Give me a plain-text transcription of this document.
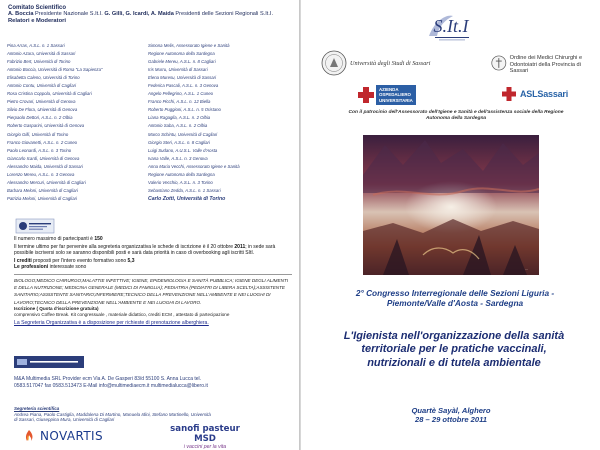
Comitato Scientifico
A. Boccia Presidente Nazionale S.It.I. G. Gilli, G. Icardi, A. Maida Presidenti delle Sezioni Regionali S.It.I.
Relatori e Moderatori
Pina Arras, A.S.L. n. 1 Sassari
Antonio Azara, Università di Sassari
Fabrizio Bert, Università di Torino
Antonio Boccia, Università di Roma "La Sapienza"
Elisabetta Caleno, Università di Torino
Antonio Contu, Università di Cagliari
Rosa Cristina Coppola, Università di Cagliari
Pietro Crovari, Università di Genova
Silvio De Flora, Università di Genova
Pierpaolo Dettori, A.S.L. n. 2 Olbia
Roberto Gasparini, Università di Genova
Giorgio Gilli, Università di Torino
Franco Giovanetti, A.S.L. n. 2 Cuneo
Paolo Leonardi, A.S.L. n. 3 Torino
Giancarlo Icardi, Università di Genova
Alessandro Maida, Università di Sassari
Lorenzo Mereu, A.S.L. n. 3 Genova
Alessandro Mercuri, Università di Cagliari
Barbara Meloni, Università di Cagliari
Patrizia Meloni, Università di Cagliari
Simona Melis, Assessorato Igiene e Sanità
Regione Autonoma della Sardegna
Gabriele Mereu, A.S.L. n. 8 Cagliari
Iris Murru, Università di Sassari
Elena Muresu, Università di Sassari
Federica Pascali, A.S.L. n. 3 Genova
Angelo Pellegrino, A.S.L. 1 Cuneo
Franco Picchi, A.S.L. n. 12 Biella
Roberto Puggioni, A.S.L. n. 5 Oristano
Liana Ragaglia, A.S.L. n. 2 Olbia
Antonio Saba, A.S.L. n. 2 Olbia
Marco Schintu, Università di Cagliari
Giorgio Steri, A.S.L. n. 8 Cagliari
Luigi Sudano, A.U.S.L. Valle d'Aosta
Ivana Valle, A.S.L. n. 3 Genova
Anna Maria Vecchi, Assessorato Igiene e Sanità
Regione Autonoma della Sardegna
Valerio Vecchio, A.S.L. n. 3 Torino
Sebastiano Zedda, A.S.L. n. 1 Sassari
Carlo Zotti, Università di Torino
Il numero massimo di partecipanti è 150
Il termine ultimo per far pervenire alla segreteria organizzativa le schede di iscrizione è il 20 ottobre 2011; in sede sarà possibile iscriversi solo se saranno disponibili posti e sarà data priorità in caso di overbooking agli iscritti SItI.
I crediti proposti per l'intero evento formativo sono 5,3
Le professioni interessate sono
BIOLOGO;MEDICO CHIRURGO;MALATTIE INFETTIVE; IGIENE, EPIDEMIOLOGIA E SANITÀ PUBBLICA; IGIENE DEGLI ALIMENTI E DELLA NUTRIZIONE; MEDICINA GENERALE (MEDICI DI FAMIGLIA); PEDIATRIA (PEDIATRI DI LIBERA SCELTA);ASSISTENTE SANITARIO;ASSISTENTE SANITARIO;INFERMIERE;TECNICO DELLA PREVENZIONE NELL'AMBIENTE E NEI LUOGHI DI LAVORO;TECNICO DELLA PREVENZIONE NELL'AMBIENTE E NEI LUOGHI DI LAVORO.
Iscrizione ( Quota d'iscrizione gratuita)
comprensivo Coffee Break. Kit congressuale , materiale didattico, crediti ECM , attestato di partecipazione
La Segreteria Organizzativa è a disposizione per richieste di prenotazione alberghiera.
M&A Multimedia SRL Provider ecm Via A. De Gasperi 83/d 55100 S. Anna Lucca tel.
0583.517047 fax 0583.513473 E-Mail info@multimediaecm.it multimedialucca@libero.it
Segreteria scientifica
Andrea Piana, Paolo Castiglia, Maddalena Di Martino, Manuela Idini, Stefano Martinello, Università di Sassari, Giuseppina Mura, Università di Cagliari
NOVARTIS	sanofi pasteur MSD
i vaccini per la vita
S.It.I
Università degli Studi di Sassari
Ordine dei Medici Chirurghi e
Odontoiatri della Provincia di Sassari
AZIENDA
OSPEDALIERO
UNIVERSITARIA
ASLSassari
Con il patrocinio dell'Assessorato dell'Igiene e Sanità e dell'assistenza sociale della Regione Autonoma della Sardegna
...
2° Congresso Interregionale delle Sezioni Liguria - Piemonte/Valle d'Aosta - Sardegna
L'Igienista nell'organizzazione della sanità territoriale per le pratiche vaccinali, nutrizionali e di tutela ambientale
Quartè Sayàl, Alghero
28 – 29 ottobre 2011
